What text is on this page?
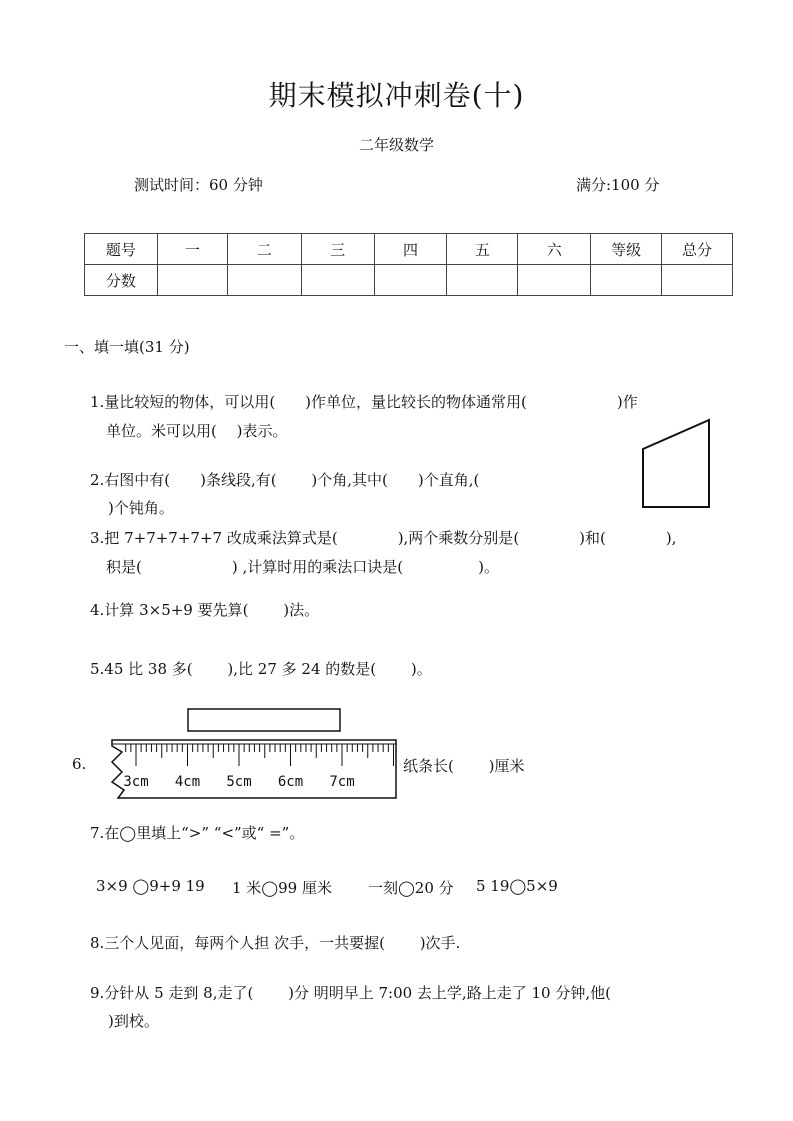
期末模拟冲刺卷(十)
二年级数学
测试时间：60 分钟	满分:100 分
题号	一	二	三	四	五	六	等级	总分
分数								
一、填一填(31 分)
1.量比较短的物体，可以用(　　)作单位，量比较长的物体通常用(　　　　　　)作
单位。米可以用(　 )表示。
2.右图中有(　　)条线段,有(　　 )个角,其中(　　)个直角,(
)个钝角。
3.把 7+7+7+7+7 改成乘法算式是(　　　　),两个乘数分别是(　　　　)和(　　　　),
积是(　　　　　　) ,计算时用的乘法口诀是(　　　　　)。
4.计算 3×5+9 要先算(　　 )法。
5.45 比 38 多(　　 ),比 27 多 24 的数是(　　 )。
6.
3cm 4cm 5cm 6cm 7cm
纸条长(　　 )厘米
7.在◯里填上“>” “<”或“ =”。
3×9 ◯9+9 19 1 米◯99 厘米 一刻◯20 分 5 19◯5×9
8.三个人见面，每两个人担 次手，一共要握(　　 )次手.
9.分针从 5 走到 8,走了(　　 )分 明明早上 7:00 去上学,路上走了 10 分钟,他(
)到校。
